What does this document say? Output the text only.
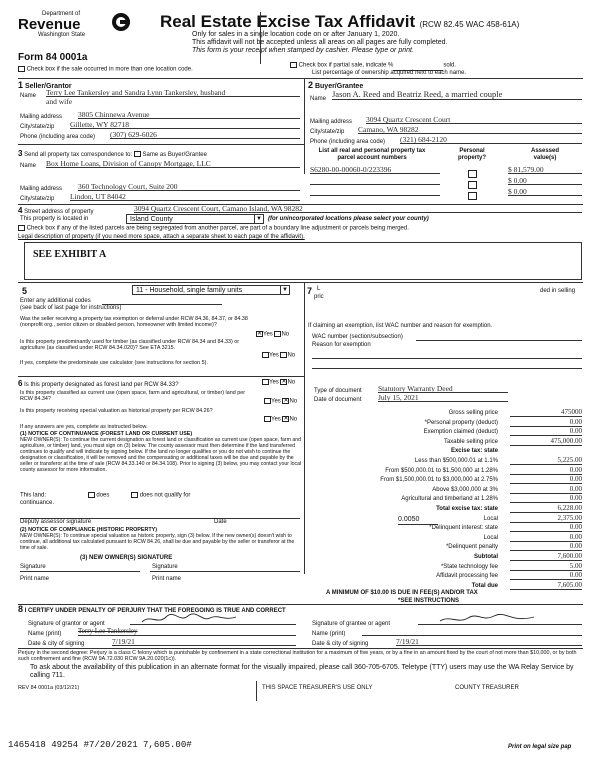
Department of
Revenue
Washington State
Form 84 0001a
Real Estate Excise Tax Affidavit (RCW 82.45 WAC 458-61A)
Only for sales in a single location code on or after January 1, 2020.
This affidavit will not be accepted unless all areas on all pages are fully completed.
This form is your receipt when stamped by cashier. Please type or print.
Check box if the sale occurred in more than one location code.
Check box if partial sale, indicate %	sold.
List percentage of ownership acquired next to each name.
1 Seller/Grantor
Name Terry Lee Tankersley and Sandra Lynn Tankersley, husband
and wife
Mailing address 3805 Chinnewa Avenue
City/state/zip Gillette, WY 82718
Phone (including area code) (307) 629-6026
2 Buyer/Grantee
Name Jason A. Reed and Beatriz Reed, a married couple
Mailing address 3094 Quartz Crescent Court
City/state/zip Camano, WA 98282
Phone (including area code) (321) 684-2120
3 Send all property tax correspondence to: Same as Buyer/Grantee
Name Box Home Loans, Division of Canopy Mortgage, LLC
Mailing address 360 Technology Court, Suite 200
City/state/zip Lindon, UT 84042
List all real and personal property tax
parcel account numbers
Personal
property?
Assessed
value(s)
S6280-00-00060-0/223396	$ 81,579.00
$ 0.00
$ 0.00
4 Street address of property	3094 Quartz Crescent Court, Camano Island, WA 98282
This property is located in	Island County	▼ (for unincorporated locations please select your county)
Check box if any of the listed parcels are being segregated from another parcel, are part of a boundary line adjustment or parcels being merged.
Legal description of property (if you need more space, attach a separate sheet to each page of the affidavit).
SEE EXHIBIT A
5	11 - Household, single family units	▼
Enter any additional codes
(see back of last page for instructions)
Was the seller receiving a property tax exemption or deferral under RCW 84.36, 84.37, or 84.38 (nonprofit org., senior citizen or disabled person, homeowner with limited income)?
✕Yes No
Is this property predominantly used for timber (as classified under RCW 84.34 and 84.33) or agriculture (as classified under RCW 84.34.020)? See ETA 3215.
Yes No
If yes, complete the predominate use calculator (see instructions for section 5).
7 L
pric
ded in selling
If claiming an exemption, list WAC number and reason for exemption.
WAC number (section/subsection)
Reason for exemption
6 Is this property designated as forest land per RCW 84.33?	Yes ✕ No
Is this property classified as current use (open space, farm and agricultural, or timber) land per RCW 84.34?	Yes ✕ No
Is this property receiving special valuation as historical property per RCW 84.26?
Yes ✕ No
If any answers are yes, complete as instructed below.
(1) NOTICE OF CONTINUANCE (FOREST LAND OR CURRENT USE)
NEW OWNER(S): To continue the current designation as forest land or classification as current use (open space, farm and agriculture, or timber) land, you must sign on (3) below. The county assessor must then determine if the land transferred continues to qualify and will indicate by signing below. If the land no longer qualifies or you do not wish to continue the designation or classification, it will be removed and the compensating or additional taxes will be due and payable by the seller or transferor at the time of sale (RCW 84.33.140 or 84.34.108). Prior to signing (3) below, you may contact your local county assessor for more information.
This land:	does	does not qualify for
continuance.
Deputy assessor signature	Date
(2) NOTICE OF COMPLIANCE (HISTORIC PROPERTY)
NEW OWNER(S): To continue special valuation as historic property, sign (3) below. If the new owner(s) doesn't wish to continue, all additional tax calculated pursuant to RCW 84.26, shall be due and payable by the seller or transferor at the time of sale.
(3) NEW OWNER(S) SIGNATURE
Signature	Signature
Print name	Print name
Type of document Statutory Warranty Deed
Date of document July 15, 2021
Gross selling price	475000
*Personal property (deduct)	0.00
Exemption claimed (deduct)	0.00
Taxable selling price	475,000.00
Excise tax: state
Less than $500,000.01 at 1.1%	5,225.00
From $500,000.01 to $1,500,000 at 1.28%	0.00
From $1,500,000.01 to $3,000,000 at 2.75%	0.00
Above $3,000,000 at 3%	0.00
Agricultural and timberland at 1.28%	0.00
Total excise tax: state	6,228.00
Local	2,375.00
0.0050
*Delinquent interest: state	0.00
Local	0.00
*Delinquent penalty	0.00
Subtotal	7,600.00
*State technology fee	5.00
Affidavit processing fee	0.00
Total due	7,605.00
A MINIMUM OF $10.00 IS DUE IN FEE(S) AND/OR TAX
*SEE INSTRUCTIONS
8 I CERTIFY UNDER PENALTY OF PERJURY THAT THE FOREGOING IS TRUE AND CORRECT
Signature of grantor or agent
Name (print) Terry Lee Tankersley
Date & city of signing	7/19/21
Signature of grantee or agent
Name (print)
Date & city of signing	7/19/21
Perjury in the second degree: Perjury is a class C felony which is punishable by confinement in a state correctional institution for a maximum of five years, or by a fine in an amount fixed by the court of not more than $10,000, or by both such confinement and fine (RCW 9A.72.030 RCW 9A.20.020(1c)).
To ask about the availability of this publication in an alternate format for the visually impaired, please call 360-705-6705. Teletype (TTY) users may use the WA Relay Service by calling 711.
REV 84 0001a (03/12/21)	THIS SPACE TREASURER'S USE ONLY	COUNTY TREASURER
1465418 49254 #7/20/2021 7,605.00#	Print on legal size pap
